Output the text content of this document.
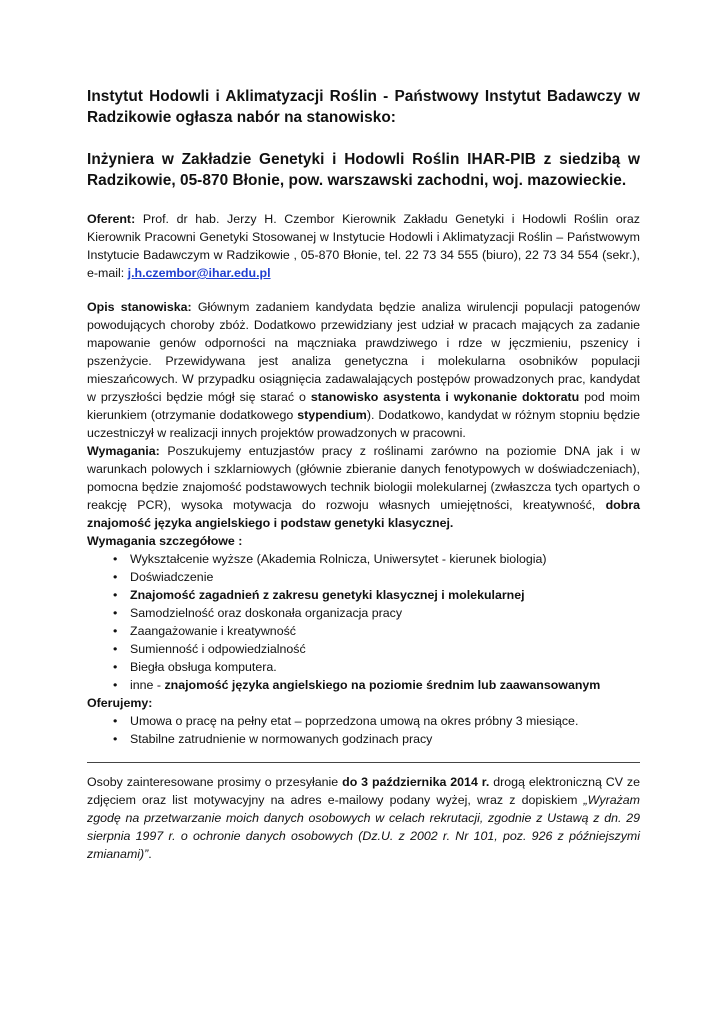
Instytut Hodowli i Aklimatyzacji Roślin - Państwowy Instytut Badawczy w Radzikowie ogłasza nabór na stanowisko:
Inżyniera w Zakładzie Genetyki i Hodowli Roślin IHAR-PIB z siedzibą w Radzikowie, 05-870 Błonie, pow. warszawski zachodni, woj. mazowieckie.

Oferent: Prof. dr hab. Jerzy H. Czembor Kierownik Zakładu Genetyki i Hodowli Roślin oraz Kierownik Pracowni Genetyki Stosowanej w Instytucie Hodowli i Aklimatyzacji Roślin – Państwowym Instytucie Badawczym w Radzikowie , 05-870 Błonie, tel. 22 73 34 555 (biuro), 22 73 34 554 (sekr.), e-mail: j.h.czembor@ihar.edu.pl

Opis stanowiska: Głównym zadaniem kandydata będzie analiza wirulencji populacji patogenów powodujących choroby zbóż. Dodatkowo przewidziany jest udział w pracach mających za zadanie mapowanie genów odporności na mączniaka prawdziwego i rdze w jęczmieniu, pszenicy i pszenżycie. Przewidywana jest analiza genetyczna i molekularna osobników populacji mieszańcowych. W przypadku osiągnięcia zadawalających postępów prowadzonych prac, kandydat w przyszłości będzie mógł się starać o stanowisko asystenta i wykonanie doktoratu pod moim kierunkiem (otrzymanie dodatkowego stypendium). Dodatkowo, kandydat w różnym stopniu będzie uczestniczył w realizacji innych projektów prowadzonych w pracowni.

Wymagania: Poszukujemy entuzjastów pracy z roślinami zarówno na poziomie DNA jak i w warunkach polowych i szklarniowych (głównie zbieranie danych fenotypowych w doświadczeniach), pomocna będzie znajomość podstawowych technik biologii molekularnej (zwłaszcza tych opartych o reakcję PCR), wysoka motywacja do rozwoju własnych umiejętności, kreatywność, dobra znajomość języka angielskiego i podstaw genetyki klasycznej.

Wymagania szczegółowe :
• Wykształcenie wyższe (Akademia Rolnicza, Uniwersytet - kierunek biologia)
• Doświadczenie
• Znajomość zagadnień z zakresu genetyki klasycznej i molekularnej
• Samodzielność oraz doskonała organizacja pracy
• Zaangażowanie i kreatywność
• Sumienność i odpowiedzialność
• Biegła obsługa komputera.
• inne - znajomość języka angielskiego na poziomie średnim lub zaawansowanym
Oferujemy:
• Umowa o pracę na pełny etat – poprzedzona umową na okres próbny 3 miesiące.
• Stabilne zatrudnienie w normowanych godzinach pracy

Osoby zainteresowane prosimy o przesyłanie do 3 października 2014 r. drogą elektroniczną CV ze zdjęciem oraz list motywacyjny na adres e-mailowy podany wyżej, wraz z dopiskiem „Wyrażam zgodę na przetwarzanie moich danych osobowych w celach rekrutacji, zgodnie z Ustawą z dn. 29 sierpnia 1997 r. o ochronie danych osobowych (Dz.U. z 2002 r. Nr 101, poz. 926 z późniejszymi zmianami)”.
